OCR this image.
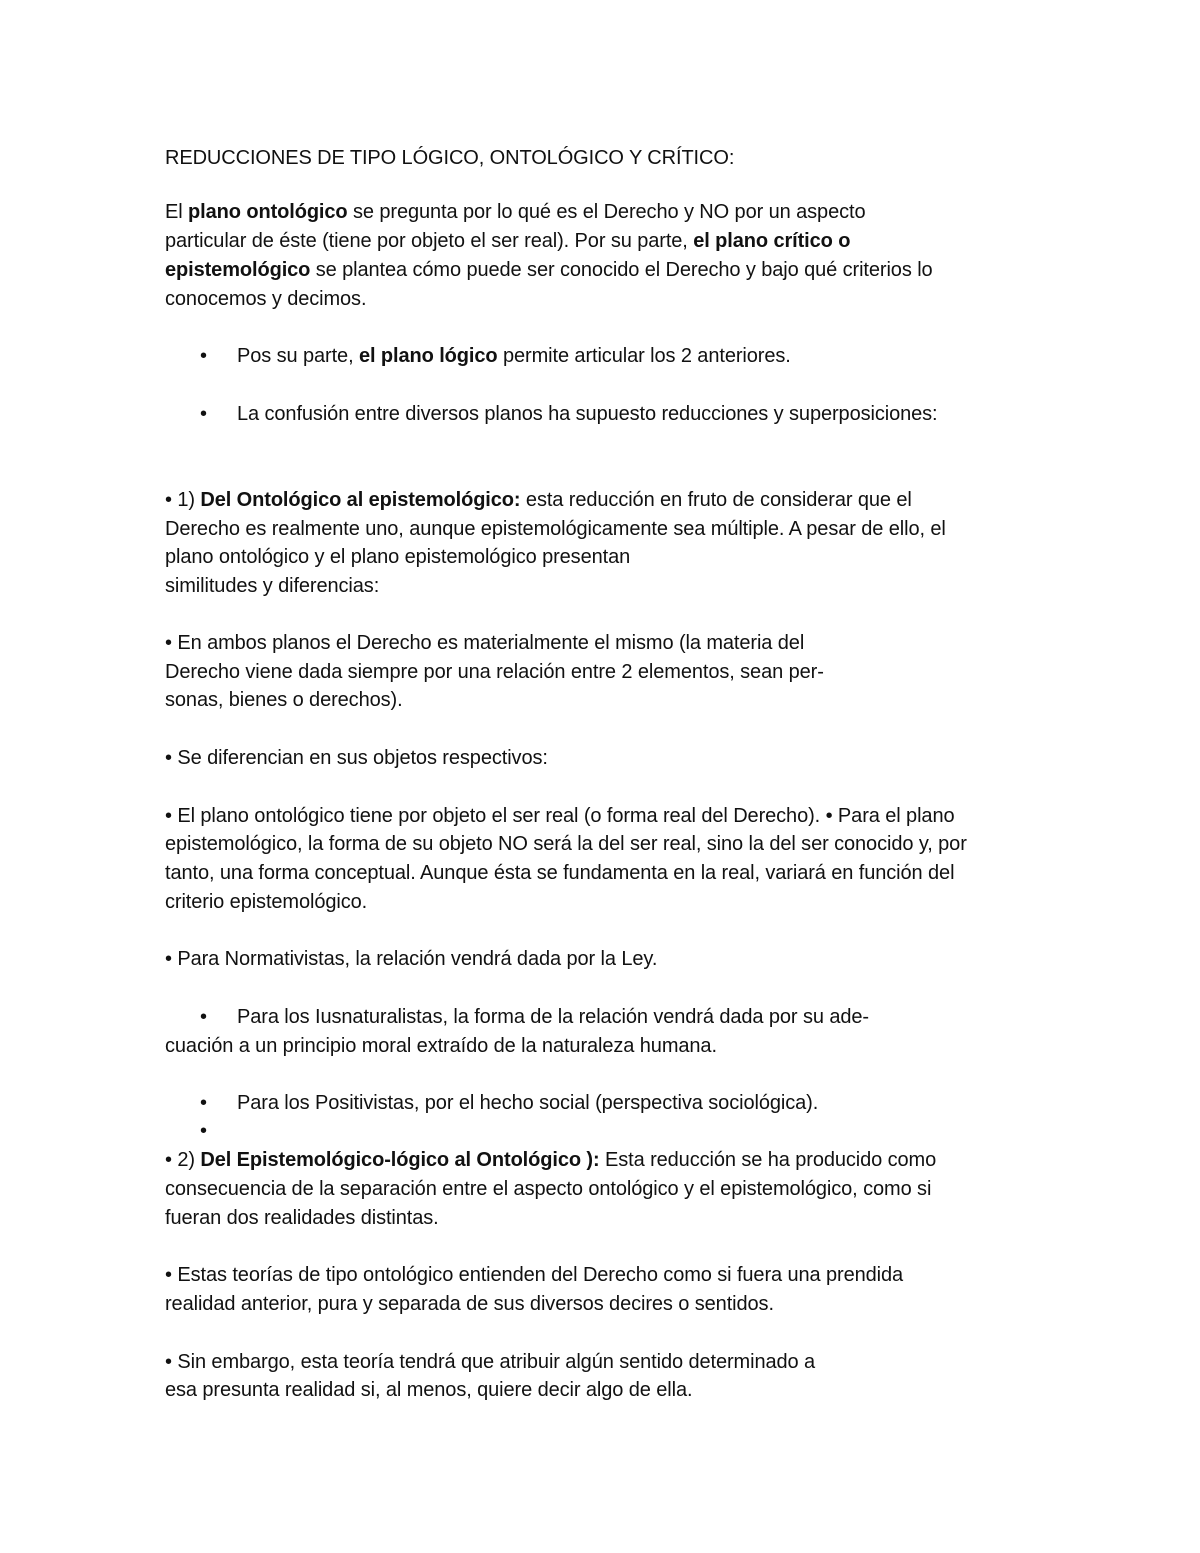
REDUCCIONES DE TIPO LÓGICO, ONTOLÓGICO Y CRÍTICO:
El plano ontológico se pregunta por lo qué es el Derecho y NO por un aspecto
particular de éste (tiene por objeto el ser real). Por su parte, el plano crítico o
epistemológico se plantea cómo puede ser conocido el Derecho y bajo qué criterios lo
conocemos y decimos.
• Pos su parte, el plano lógico permite articular los 2 anteriores.
• La confusión entre diversos planos ha supuesto reducciones y superposiciones:
• 1) Del Ontológico al epistemológico: esta reducción en fruto de considerar que el
Derecho es realmente uno, aunque epistemológicamente sea múltiple. A pesar de ello, el
plano ontológico y el plano epistemológico presentan
similitudes y diferencias:
• En ambos planos el Derecho es materialmente el mismo (la materia del
Derecho viene dada siempre por una relación entre 2 elementos, sean per-
sonas, bienes o derechos).
• Se diferencian en sus objetos respectivos:
• El plano ontológico tiene por objeto el ser real (o forma real del Derecho). • Para el plano
epistemológico, la forma de su objeto NO será la del ser real, sino la del ser conocido y, por
tanto, una forma conceptual. Aunque ésta se fundamenta en la real, variará en función del
criterio epistemológico.
• Para Normativistas, la relación vendrá dada por la Ley.
• Para los Iusnaturalistas, la forma de la relación vendrá dada por su ade-
cuación a un principio moral extraído de la naturaleza humana.
• Para los Positivistas, por el hecho social (perspectiva sociológica).
•
• 2) Del Epistemológico-lógico al Ontológico ): Esta reducción se ha producido como
consecuencia de la separación entre el aspecto ontológico y el epistemológico, como si
fueran dos realidades distintas.
• Estas teorías de tipo ontológico entienden del Derecho como si fuera una prendida
realidad anterior, pura y separada de sus diversos decires o sentidos.
• Sin embargo, esta teoría tendrá que atribuir algún sentido determinado a
esa presunta realidad si, al menos, quiere decir algo de ella.
